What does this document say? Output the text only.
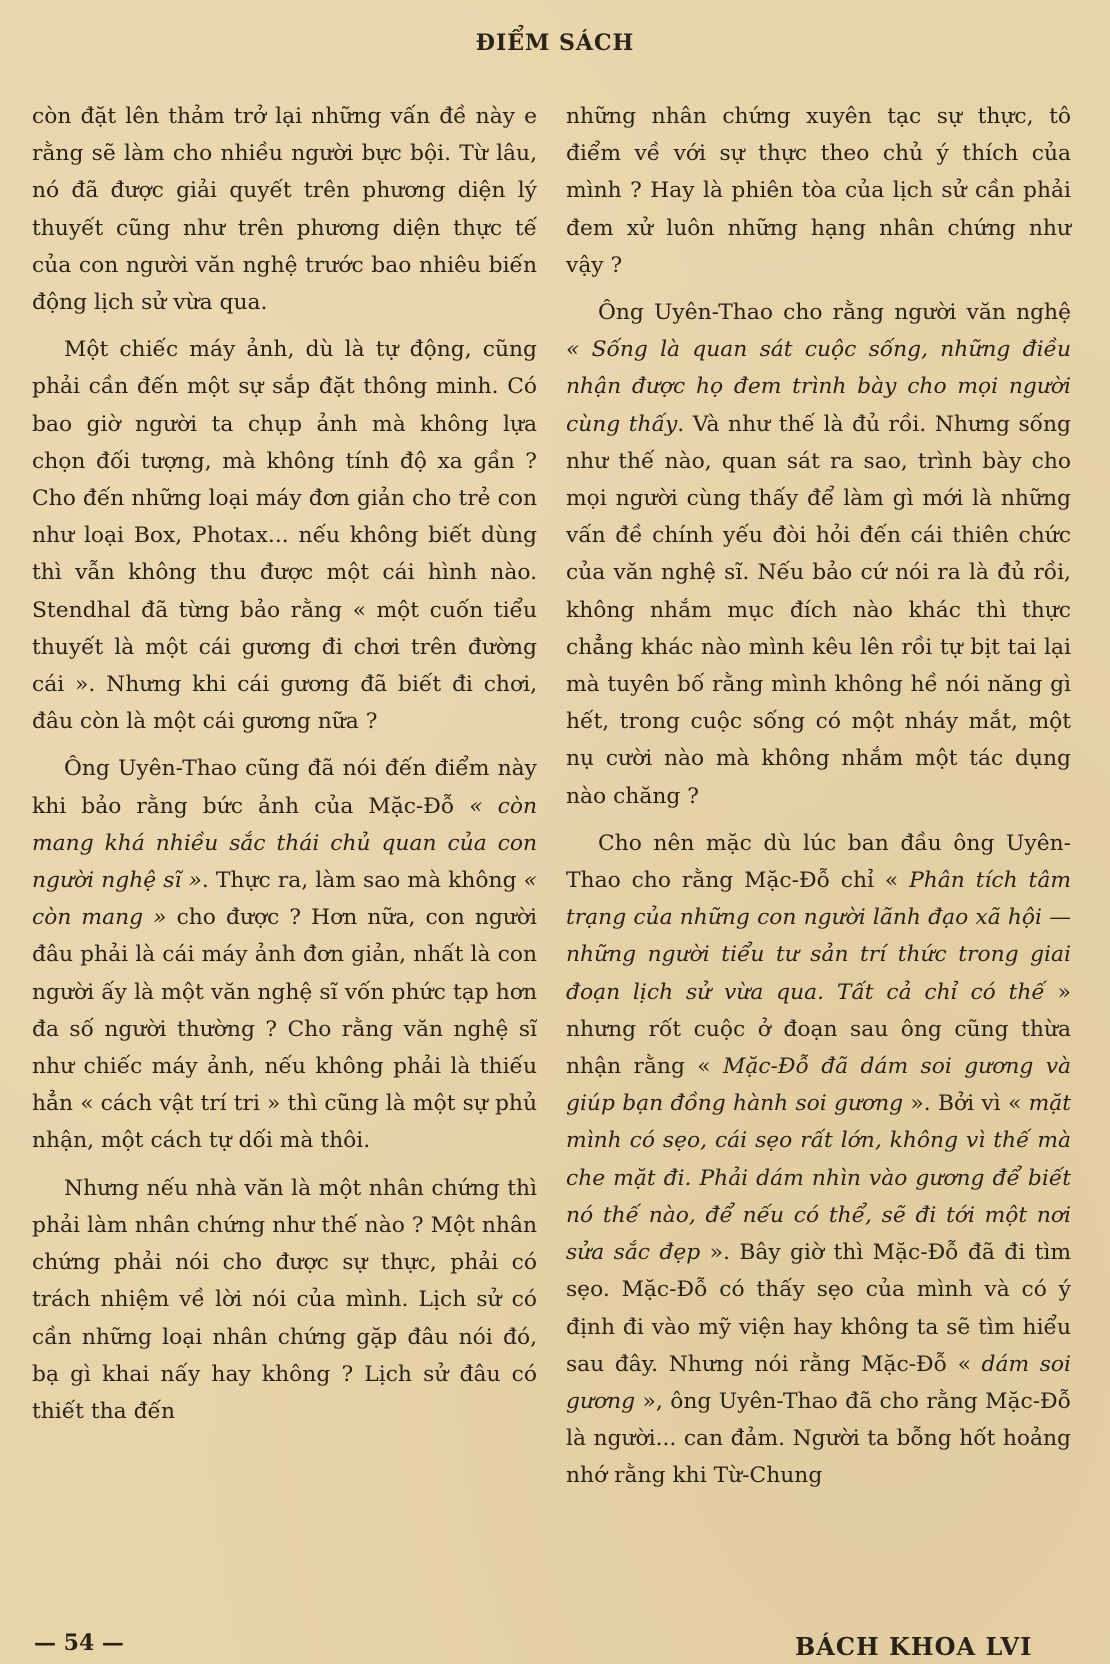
ĐIỂM SÁCH

còn đặt lên thảm trở lại những vấn đề này e rằng sẽ làm cho nhiều người bực bội. Từ lâu, nó đã được giải quyết trên phương diện lý thuyết cũng như trên phương diện thực tế của con người văn nghệ trước bao nhiêu biến động lịch sử vừa qua.

Một chiếc máy ảnh, dù là tự động, cũng phải cần đến một sự sắp đặt thông minh. Có bao giờ người ta chụp ảnh mà không lựa chọn đối tượng, mà không tính độ xa gần ? Cho đến những loại máy đơn giản cho trẻ con như loại Box, Photax... nếu không biết dùng thì vẫn không thu được một cái hình nào. Stendhal đã từng bảo rằng « một cuốn tiểu thuyết là một cái gương đi chơi trên đường cái ». Nhưng khi cái gương đã biết đi chơi, đâu còn là một cái gương nữa ?

Ông Uyên-Thao cũng đã nói đến điểm này khi bảo rằng bức ảnh của Mặc-Đỗ « còn mang khá nhiều sắc thái chủ quan của con người nghệ sĩ ». Thực ra, làm sao mà không « còn mang » cho được ? Hơn nữa, con người đâu phải là cái máy ảnh đơn giản, nhất là con người ấy là một văn nghệ sĩ vốn phức tạp hơn đa số người thường ? Cho rằng văn nghệ sĩ như chiếc máy ảnh, nếu không phải là thiếu hẳn « cách vật trí tri » thì cũng là một sự phủ nhận, một cách tự dối mà thôi.

Nhưng nếu nhà văn là một nhân chứng thì phải làm nhân chứng như thế nào ? Một nhân chứng phải nói cho được sự thực, phải có trách nhiệm về lời nói của mình. Lịch sử có cần những loại nhân chứng gặp đâu nói đó, bạ gì khai nấy hay không ? Lịch sử đâu có thiết tha đến

những nhân chứng xuyên tạc sự thực, tô điểm về với sự thực theo chủ ý thích của mình ? Hay là phiên tòa của lịch sử cần phải đem xử luôn những hạng nhân chứng như vậy ?

Ông Uyên-Thao cho rằng người văn nghệ « Sống là quan sát cuộc sống, những điều nhận được họ đem trình bày cho mọi người cùng thấy. Và như thế là đủ rồi. Nhưng sống như thế nào, quan sát ra sao, trình bày cho mọi người cùng thấy để làm gì mới là những vấn đề chính yếu đòi hỏi đến cái thiên chức của văn nghệ sĩ. Nếu bảo cứ nói ra là đủ rồi, không nhắm mục đích nào khác thì thực chẳng khác nào mình kêu lên rồi tự bịt tai lại mà tuyên bố rằng mình không hề nói năng gì hết, trong cuộc sống có một nháy mắt, một nụ cười nào mà không nhắm một tác dụng nào chăng ?

Cho nên mặc dù lúc ban đầu ông Uyên-Thao cho rằng Mặc-Đỗ chỉ « Phân tích tâm trạng của những con người lãnh đạo xã hội — những người tiểu tư sản trí thức trong giai đoạn lịch sử vừa qua. Tất cả chỉ có thế » nhưng rốt cuộc ở đoạn sau ông cũng thừa nhận rằng « Mặc-Đỗ đã dám soi gương và giúp bạn đồng hành soi gương ». Bởi vì « mặt mình có sẹo, cái sẹo rất lớn, không vì thế mà che mặt đi. Phải dám nhìn vào gương để biết nó thế nào, để nếu có thể, sẽ đi tới một nơi sửa sắc đẹp ». Bây giờ thì Mặc-Đỗ đã đi tìm sẹo. Mặc-Đỗ có thấy sẹo của mình và có ý định đi vào mỹ viện hay không ta sẽ tìm hiểu sau đây. Nhưng nói rằng Mặc-Đỗ « dám soi gương », ông Uyên-Thao đã cho rằng Mặc-Đỗ là người... can đảm. Người ta bỗng hốt hoảng nhớ rằng khi Từ-Chung

— 54 —	BÁCH KHOA LVI
